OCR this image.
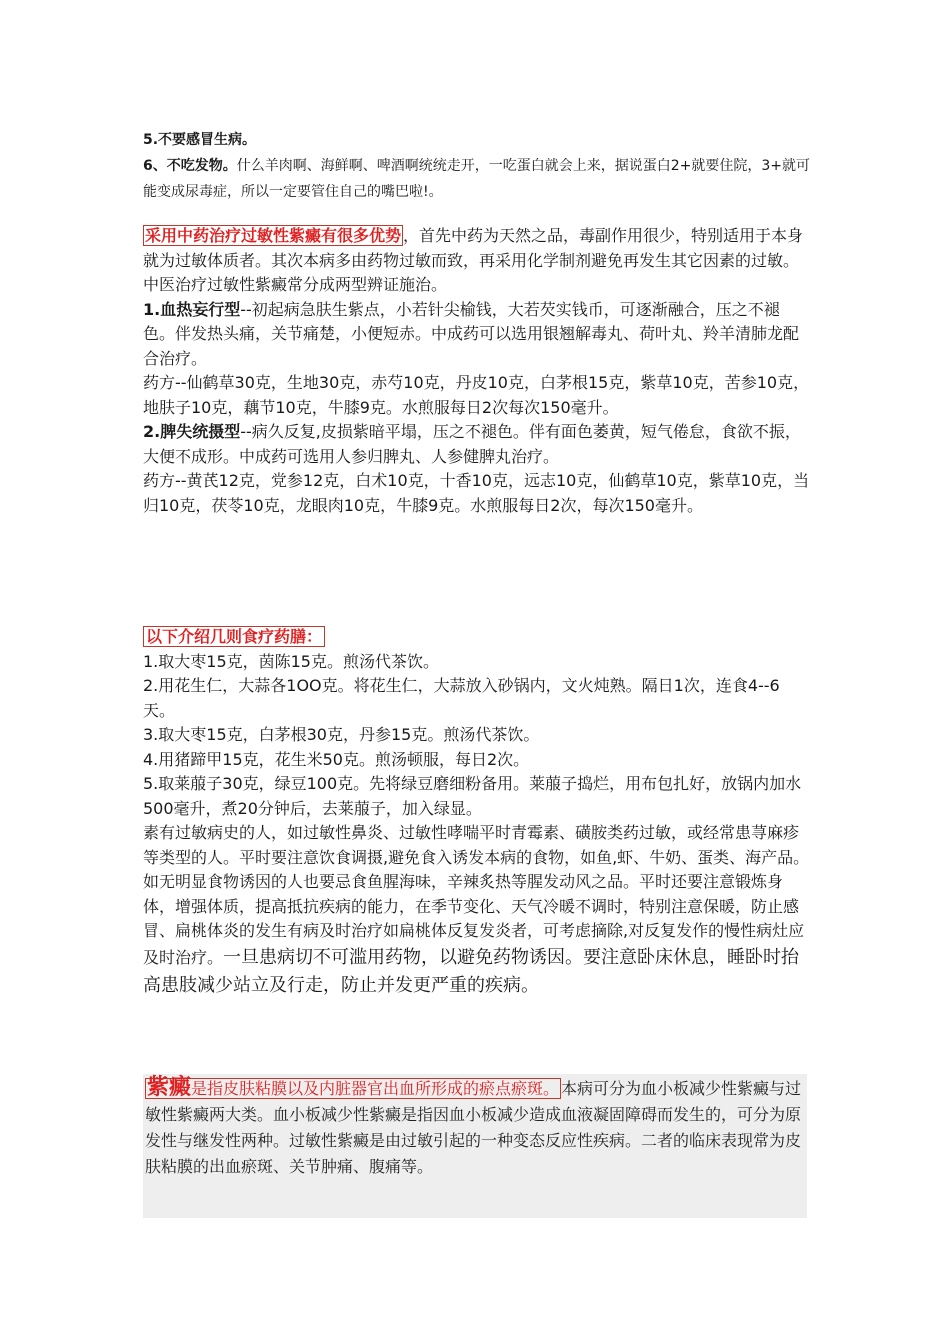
5.不要感冒生病。

6、不吃发物。什么羊肉啊、海鲜啊、啤酒啊统统走开，一吃蛋白就会上来，据说蛋白2+就要住院，3+就可能变成尿毒症，所以一定要管住自己的嘴巴啦!。

采用中药治疗过敏性紫癜有很多优势 ，首先中药为天然之品，毒副作用很少，特别适用于本身就为过敏体质者。其次本病多由药物过敏而致，再采用化学制剂避免再发生其它因素的过敏。中医治疗过敏性紫癜常分成两型辨证施治。

1.血热妄行型--初起病急肤生紫点，小若针尖榆钱，大若芡实钱币，可逐渐融合，压之不褪色。伴发热头痛，关节痛楚，小便短赤。中成药可以选用银翘解毒丸、荷叶丸、羚羊清肺龙配合治疗。

药方--仙鹤草30克，生地30克，赤芍10克，丹皮10克，白茅根15克，紫草10克，苦参10克，地肤子10克，藕节10克，牛膝9克。水煎服每日2次每次150毫升。

2.脾失统摄型--病久反复,皮损紫暗平塌，压之不褪色。伴有面色萎黄，短气倦怠，食欲不振，大便不成形。中成药可选用人参归脾丸、人参健脾丸治疗。

药方--黄芪12克，党参12克，白术10克，十香10克，远志10克，仙鹤草10克，紫草10克，当归10克，茯苓10克，龙眼肉10克，牛膝9克。水煎服每日2次，每次150毫升。

以下介绍几则食疗药膳：

1.取大枣15克，茵陈15克。煎汤代茶饮。

2.用花生仁，大蒜各1OO克。将花生仁，大蒜放入砂锅内，文火炖熟。隔日1次，连食4--6天。

3.取大枣15克，白茅根30克，丹参15克。煎汤代茶饮。

4.用猪蹄甲15克，花生米50克。煎汤顿服，每日2次。

5.取莱菔子30克，绿豆100克。先将绿豆磨细粉备用。莱菔子捣烂，用布包扎好，放锅内加水500毫升，煮20分钟后，去莱菔子，加入绿显。

素有过敏病史的人，如过敏性鼻炎、过敏性哮喘平时青霉素、磺胺类药过敏，或经常患荨麻疹等类型的人。平时要注意饮食调摄,避免食入诱发本病的食物，如鱼,虾、牛奶、蛋类、海产品。如无明显食物诱因的人也要忌食鱼腥海味，辛辣炙热等腥发动风之品。平时还要注意锻炼身体，增强体质，提高抵抗疾病的能力，在季节变化、天气冷暖不调时，特别注意保暖，防止感冒、扁桃体炎的发生有病及时治疗如扁桃体反复发炎者，可考虑摘除,对反复发作的慢性病灶应及时治疗。一旦患病切不可滥用药物，以避免药物诱因。要注意卧床休息，睡卧时抬高患肢减少站立及行走，防止并发更严重的疾病。

紫癜是指皮肤粘膜以及内脏器官出血所形成的瘀点瘀斑。 本病可分为血小板减少性紫癜与过敏性紫癜两大类。血小板减少性紫癜是指因血小板减少造成血液凝固障碍而发生的，可分为原发性与继发性两种。过敏性紫癜是由过敏引起的一种变态反应性疾病。二者的临床表现常为皮肤粘膜的出血瘀斑、关节肿痛、腹痛等。
